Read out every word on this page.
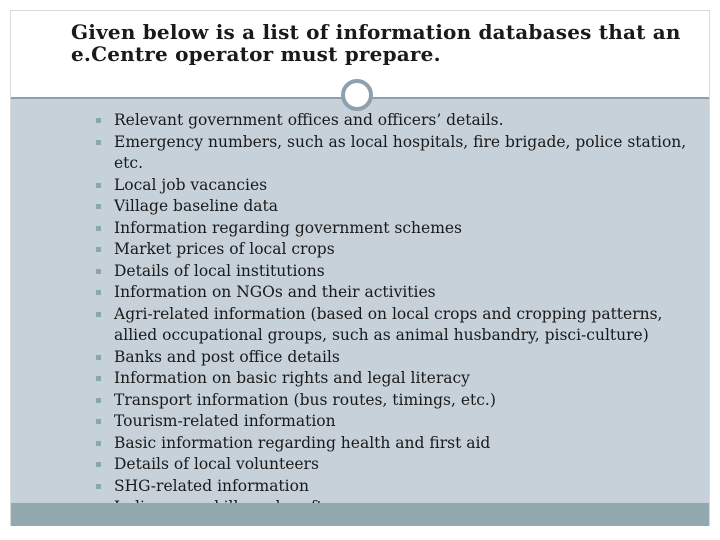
Given below is a list of information databases that an e.Centre operator must prepare.
Relevant government offices and officers’ details.
Emergency numbers, such as local hospitals, fire brigade, police station, etc.
Local job vacancies
Village baseline data
Information regarding government schemes
Market prices of local crops
Details of local institutions
Information on NGOs and their activities
Agri-related information (based on local crops and cropping patterns, allied occupational groups, such as animal husbandry, pisci-culture)
Banks and post office details
Information on basic rights and legal literacy
Transport information (bus routes, timings, etc.)
Tourism-related information
Basic information regarding health and first aid
Details of local volunteers
SHG-related information
